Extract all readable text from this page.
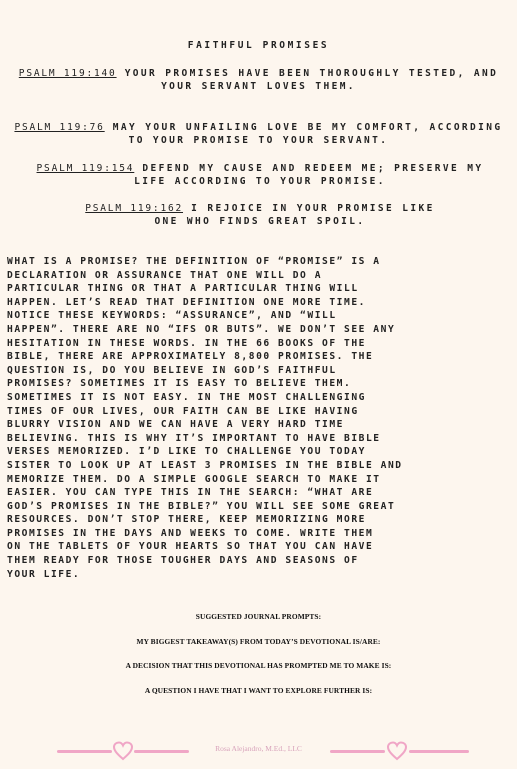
FAITHFUL PROMISES
PSALM 119:140 YOUR PROMISES HAVE BEEN THOROUGHLY TESTED, AND YOUR SERVANT LOVES THEM.
PSALM 119:76 MAY YOUR UNFAILING LOVE BE MY COMFORT, ACCORDING TO YOUR PROMISE TO YOUR SERVANT.
PSALM 119:154 DEFEND MY CAUSE AND REDEEM ME; PRESERVE MY LIFE ACCORDING TO YOUR PROMISE.
PSALM 119:162 I REJOICE IN YOUR PROMISE LIKE ONE WHO FINDS GREAT SPOIL.
WHAT IS A PROMISE? THE DEFINITION OF “PROMISE” IS A
DECLARATION OR ASSURANCE THAT ONE WILL DO A
PARTICULAR THING OR THAT A PARTICULAR THING WILL
HAPPEN. LET’S READ THAT DEFINITION ONE MORE TIME.
NOTICE THESE KEYWORDS: “ASSURANCE”, AND “WILL
HAPPEN”. THERE ARE NO “IFS OR BUTS”. WE DON’T SEE ANY
HESITATION IN THESE WORDS. IN THE 66 BOOKS OF THE
BIBLE, THERE ARE APPROXIMATELY 8,800 PROMISES. THE
QUESTION IS, DO YOU BELIEVE IN GOD’S FAITHFUL
PROMISES? SOMETIMES IT IS EASY TO BELIEVE THEM.
SOMETIMES IT IS NOT EASY. IN THE MOST CHALLENGING
TIMES OF OUR LIVES, OUR FAITH CAN BE LIKE HAVING
BLURRY VISION AND WE CAN HAVE A VERY HARD TIME
BELIEVING. THIS IS WHY IT’S IMPORTANT TO HAVE BIBLE
VERSES MEMORIZED. I’D LIKE TO CHALLENGE YOU TODAY
SISTER TO LOOK UP AT LEAST 3 PROMISES IN THE BIBLE AND
MEMORIZE THEM. DO A SIMPLE GOOGLE SEARCH TO MAKE IT
EASIER. YOU CAN TYPE THIS IN THE SEARCH: “WHAT ARE
GOD’S PROMISES IN THE BIBLE?” YOU WILL SEE SOME GREAT
RESOURCES. DON’T STOP THERE, KEEP MEMORIZING MORE
PROMISES IN THE DAYS AND WEEKS TO COME. WRITE THEM
ON THE TABLETS OF YOUR HEARTS SO THAT YOU CAN HAVE
THEM READY FOR THOSE TOUGHER DAYS AND SEASONS OF
YOUR LIFE.
SUGGESTED JOURNAL PROMPTS:
MY BIGGEST TAKEAWAY(S) FROM TODAY’S DEVOTIONAL IS/ARE:
A DECISION THAT THIS DEVOTIONAL HAS PROMPTED ME TO MAKE IS:
A QUESTION I HAVE THAT I WANT TO EXPLORE FURTHER IS:
Rosa Alejandro, M.Ed., LLC
